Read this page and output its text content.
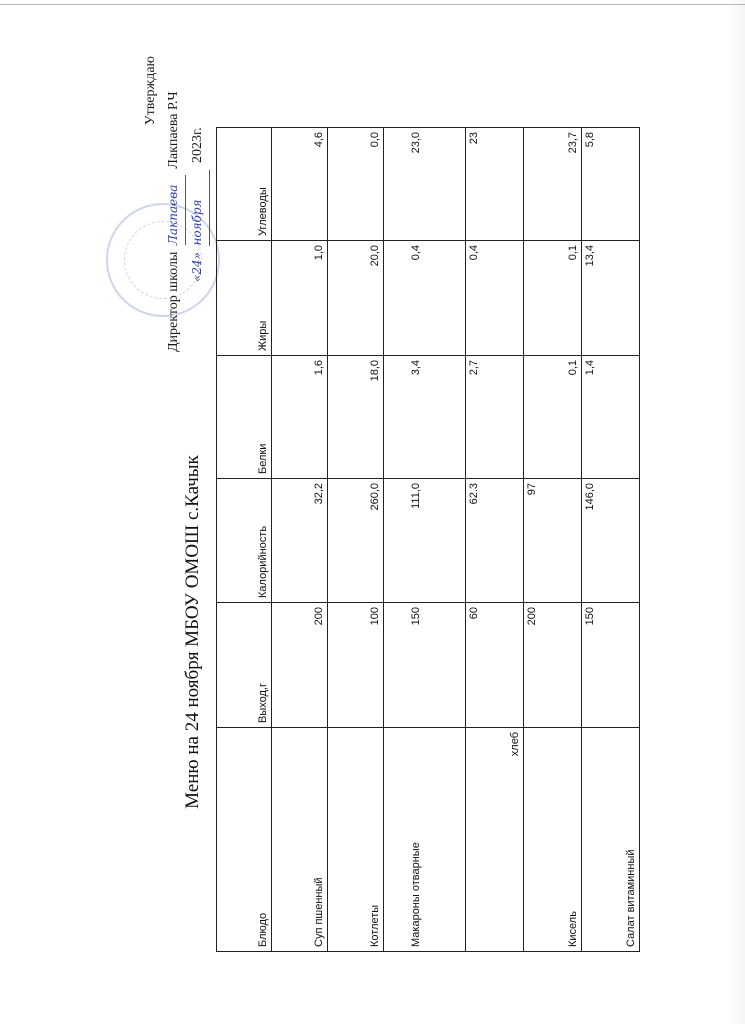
Утверждаю
Директор школы Лакпаева Лакпаева Р.Ч
«24» ноября 2023г.
Меню на 24 ноября МБОУ ОМОШ с.Качык
Блюдо	Выход,г	Калорийность	Белки	Жиры	Углеводы
Суп пшенный	200	32,2	1,6	1,0	4,6
Котлеты	100	260,0	18,0	20,0	0,0
Макароны отварные	150	111,0	3,4	0,4	23,0
хлеб	60	62.3	2,7	0,4	23
Кисель	200	97	0,1	0,1	23,7
Салат витаминный	150	146,0	1,4	13,4	5,8
